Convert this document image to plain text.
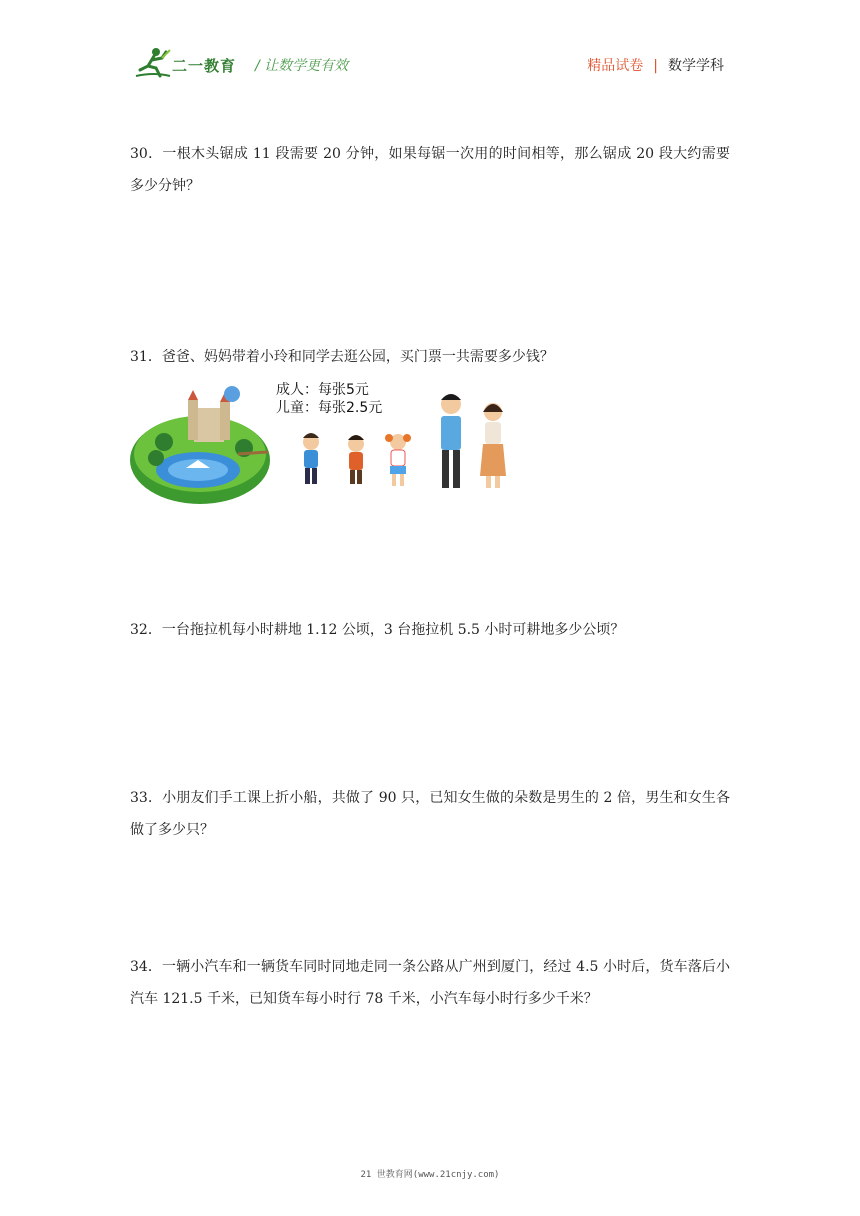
二一教育 / 让数学更有效	精品试卷 | 数学学科
30．一根木头锯成 11 段需要 20 分钟，如果每锯一次用的时间相等，那么锯成 20 段大约需要多少分钟？
31．爸爸、妈妈带着小玲和同学去逛公园，买门票一共需要多少钱？
成人：每张5元
儿童：每张2.5元
32．一台拖拉机每小时耕地 1.12 公顷，3 台拖拉机 5.5 小时可耕地多少公顷？
33．小朋友们手工课上折小船，共做了 90 只，已知女生做的朵数是男生的 2 倍，男生和女生各做了多少只？
34．一辆小汽车和一辆货车同时同地走同一条公路从广州到厦门，经过 4.5 小时后，货车落后小汽车 121.5 千米，已知货车每小时行 78 千米，小汽车每小时行多少千米？
21 世教育网(www.21cnjy.com)
